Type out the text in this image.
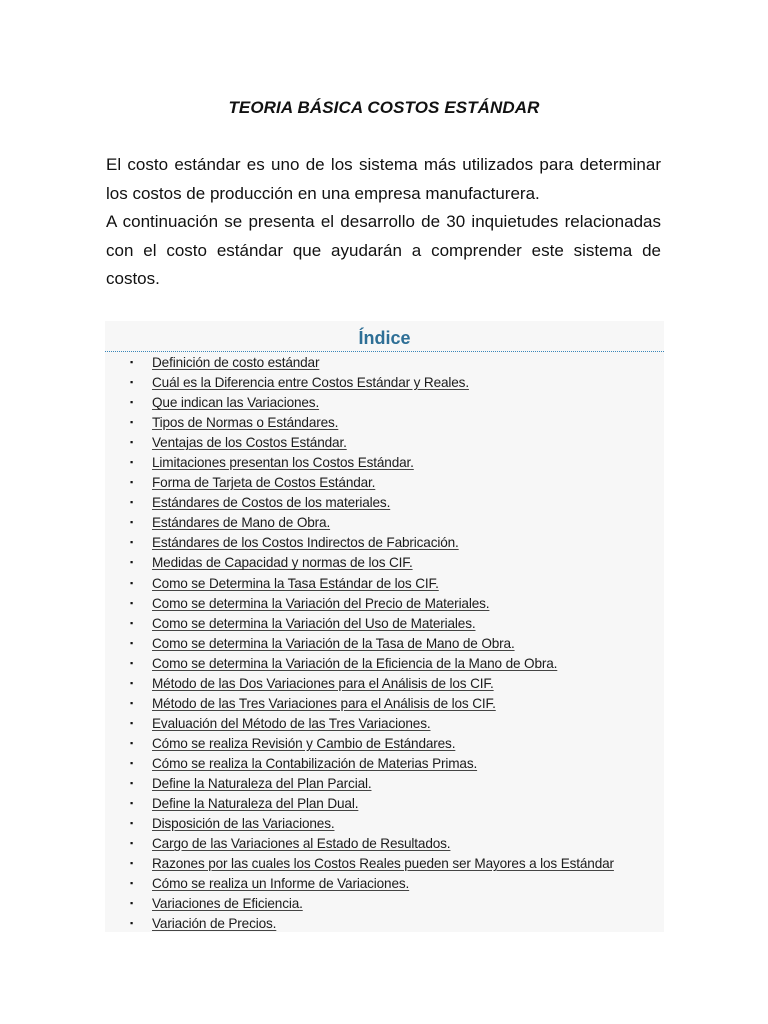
TEORIA BÁSICA COSTOS ESTÁNDAR

El costo estándar es uno de los sistema más utilizados para determinar los costos de producción en una empresa manufacturera.

A continuación se presenta el desarrollo de 30 inquietudes relacionadas con el costo estándar que ayudarán a comprender este sistema de costos.

Índice
▪ Definición de costo estándar
▪ Cuál es la Diferencia entre Costos Estándar y Reales.
▪ Que indican las Variaciones.
▪ Tipos de Normas o Estándares.
▪ Ventajas de los Costos Estándar.
▪ Limitaciones presentan los Costos Estándar.
▪ Forma de Tarjeta de Costos Estándar.
▪ Estándares de Costos de los materiales.
▪ Estándares de Mano de Obra.
▪ Estándares de los Costos Indirectos de Fabricación.
▪ Medidas de Capacidad y normas de los CIF.
▪ Como se Determina la Tasa Estándar de los CIF.
▪ Como se determina la Variación del Precio de Materiales.
▪ Como se determina la Variación del Uso de Materiales.
▪ Como se determina la Variación de la Tasa de Mano de Obra.
▪ Como se determina la Variación de la Eficiencia de la Mano de Obra.
▪ Método de las Dos Variaciones para el Análisis de los CIF.
▪ Método de las Tres Variaciones para el Análisis de los CIF.
▪ Evaluación del Método de las Tres Variaciones.
▪ Cómo se realiza Revisión y Cambio de Estándares.
▪ Cómo se realiza la Contabilización de Materias Primas.
▪ Define la Naturaleza del Plan Parcial.
▪ Define la Naturaleza del Plan Dual.
▪ Disposición de las Variaciones.
▪ Cargo de las Variaciones al Estado de Resultados.
▪ Razones por las cuales los Costos Reales pueden ser Mayores a los Estándar
▪ Cómo se realiza un Informe de Variaciones.
▪ Variaciones de Eficiencia.
▪ Variación de Precios.
